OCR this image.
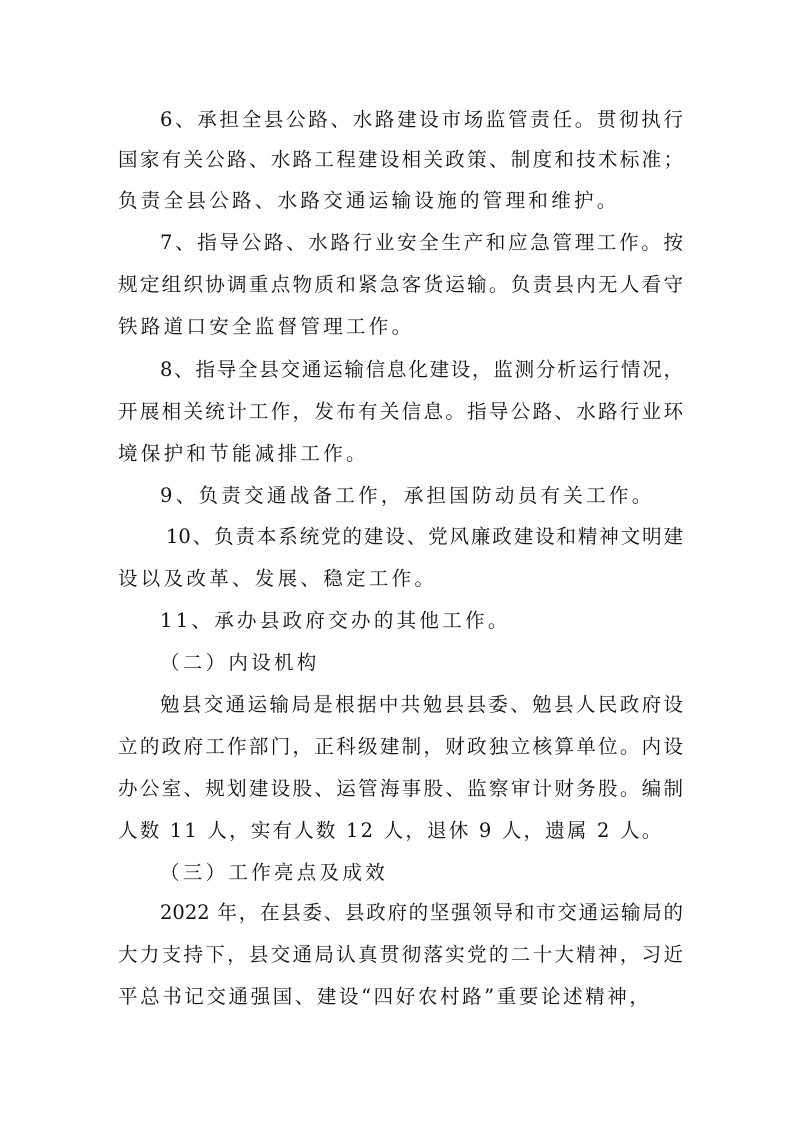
6、承担全县公路、水路建设市场监管责任。贯彻执行
国家有关公路、水路工程建设相关政策、制度和技术标准；
负责全县公路、水路交通运输设施的管理和维护。
7、指导公路、水路行业安全生产和应急管理工作。按
规定组织协调重点物质和紧急客货运输。负责县内无人看守
铁路道口安全监督管理工作。
8、指导全县交通运输信息化建设，监测分析运行情况，
开展相关统计工作，发布有关信息。指导公路、水路行业环
境保护和节能减排工作。
9、负责交通战备工作，承担国防动员有关工作。
10、负责本系统党的建设、党风廉政建设和精神文明建
设以及改革、发展、稳定工作。
11、承办县政府交办的其他工作。
（二）内设机构
勉县交通运输局是根据中共勉县县委、勉县人民政府设
立的政府工作部门，正科级建制，财政独立核算单位。内设
办公室、规划建设股、运管海事股、监察审计财务股。编制
人数 11 人，实有人数 12 人，退休 9 人，遗属 2 人。
（三）工作亮点及成效
2022 年，在县委、县政府的坚强领导和市交通运输局的
大力支持下，县交通局认真贯彻落实党的二十大精神，习近
平总书记交通强国、建设“四好农村路”重要论述精神，
